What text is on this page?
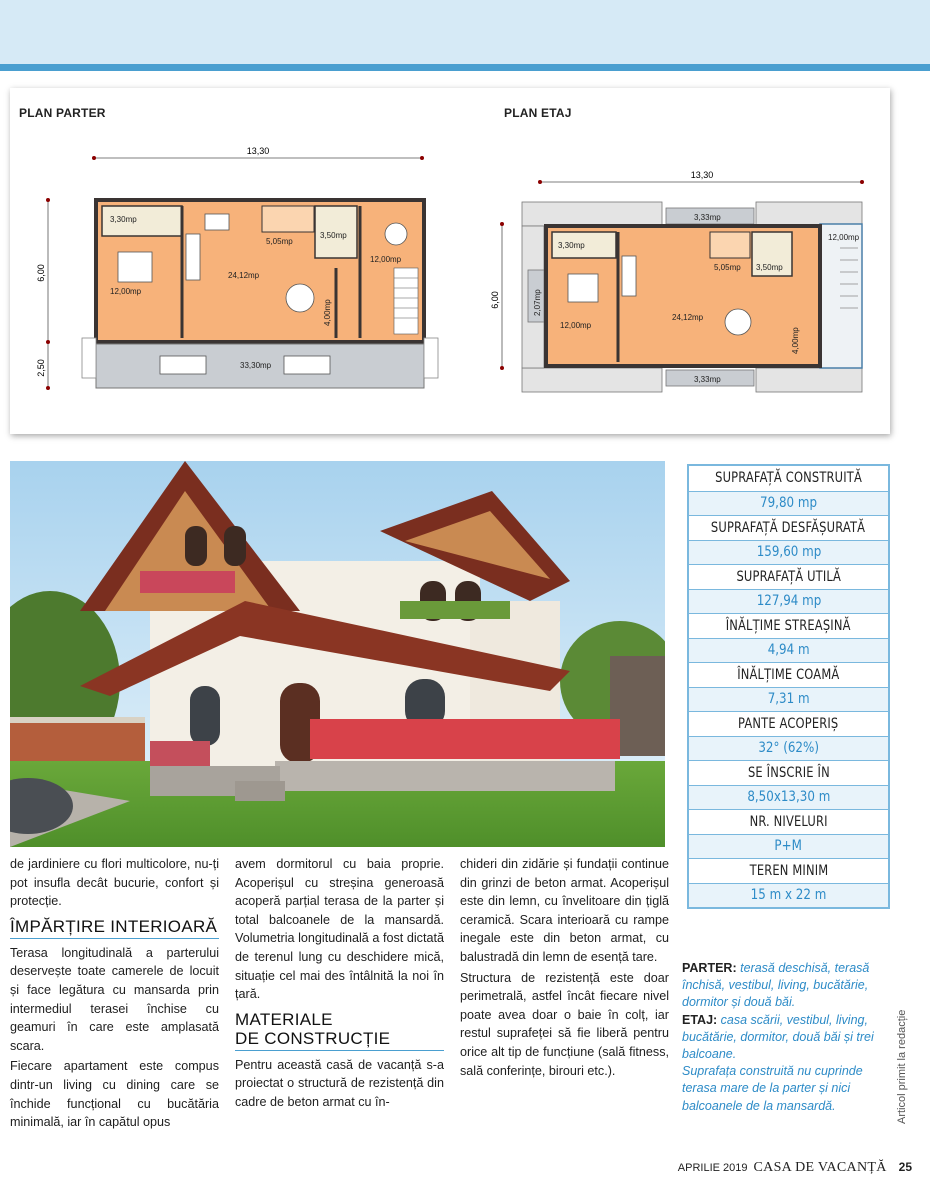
PLAN PARTER	PLAN ETAJ
13,30
6,00
2,50
3,30mp
12,00mp
24,12mp
5,05mp
3,50mp
12,00mp
33,30mp
4,00mp
13,30
6,00
3,33mp
12,00mp
3,30mp
5,05mp 3,50mp
2,07mp
12,00mp
24,12mp
4,00mp
3,33mp
SUPRAFAȚĂ CONSTRUITĂ
79,80 mp
SUPRAFAȚĂ DESFĂȘURATĂ
159,60 mp
SUPRAFAȚĂ UTILĂ
127,94 mp
ÎNĂLȚIME STREAȘINĂ
4,94 m
ÎNĂLȚIME COAMĂ
7,31 m
PANTE ACOPERIȘ
32° (62%)
SE ÎNSCRIE ÎN
8,50x13,30 m
NR. NIVELURI
P+M
TEREN MINIM
15 m x 22 m

de jardiniere cu flori multicolore, nu-ți pot insufla decât bucurie, confort și protecție.

ÎMPĂRȚIRE INTERIOARĂ

Terasa longitudinală a parterului deservește toate camerele de locuit și face legătura cu mansarda prin intermediul terasei închise cu geamuri în care este amplasată scara.

Fiecare apartament este compus dintr-un living cu dining care se închide funcțional cu bucătăria minimală, iar în capătul opus

avem dormitorul cu baia proprie. Acoperișul cu streșina generoasă acoperă parțial terasa de la parter și total balcoanele de la mansardă. Volumetria longitudinală a fost dictată de terenul lung cu deschidere mică, situație cel mai des întâlnită la noi în țară.

MATERIALE
DE CONSTRUCȚIE

Pentru această casă de vacanță s-a proiectat o structură de rezistență din cadre de beton armat cu în-

chideri din zidărie și fundații continue din grinzi de beton armat. Acoperișul este din lemn, cu învelitoare din țiglă ceramică. Scara interioară cu rampe inegale este din beton armat, cu balustradă din lemn de esență tare.

Structura de rezistență este doar perimetrală, astfel încât fiecare nivel poate avea doar o baie în colț, iar restul suprafeței să fie liberă pentru orice alt tip de funcțiune (sală fitness, sală conferințe, birouri etc.).

PARTER: terasă deschisă, terasă închisă, vestibul, living, bucătărie, dormitor și două băi.
ETAJ: casa scării, vestibul, living, bucătărie, dormitor, două băi și trei balcoane.
Suprafața construită nu cuprinde terasa mare de la parter și nici balcoanele de la mansardă.	Articol primit la redacție
APRILIE 2019 CASA DE VACANȚĂ 25
